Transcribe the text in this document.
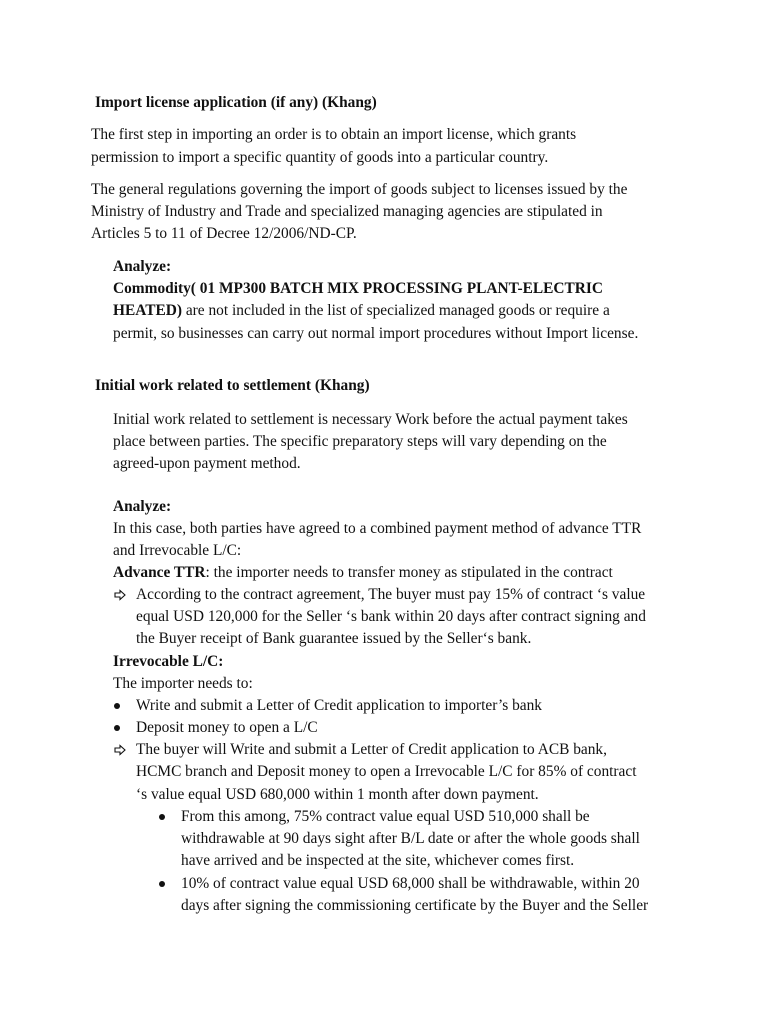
Import license application (if any) (Khang)

The first step in importing an order is to obtain an import license, which grants

permission to import a specific quantity of goods into a particular country.

The general regulations governing the import of goods subject to licenses issued by the

Ministry of Industry and Trade and specialized managing agencies are stipulated in

Articles 5 to 11 of Decree 12/2006/ND-CP.

Analyze:

Commodity( 01 MP300 BATCH MIX PROCESSING PLANT-ELECTRIC

HEATED) are not included in the list of specialized managed goods or require a

permit, so businesses can carry out normal import procedures without Import license.

Initial work related to settlement (Khang)

Initial work related to settlement is necessary Work before the actual payment takes

place between parties. The specific preparatory steps will vary depending on the

agreed-upon payment method.

Analyze:

In this case, both parties have agreed to a combined payment method of advance TTR

and Irrevocable L/C:

Advance TTR: the importer needs to transfer money as stipulated in the contract

According to the contract agreement, The buyer must pay 15% of contract ‘s value

equal USD 120,000 for the Seller ‘s bank within 20 days after contract signing and

the Buyer receipt of Bank guarantee issued by the Seller‘s bank.

Irrevocable L/C:

The importer needs to:

Write and submit a Letter of Credit application to importer’s bank

Deposit money to open a L/C

The buyer will Write and submit a Letter of Credit application to ACB bank,

HCMC branch and Deposit money to open a Irrevocable L/C for 85% of contract

‘s value equal USD 680,000 within 1 month after down payment.

From this among, 75% contract value equal USD 510,000 shall be

withdrawable at 90 days sight after B/L date or after the whole goods shall

have arrived and be inspected at the site, whichever comes first.

10% of contract value equal USD 68,000 shall be withdrawable, within 20

days after signing the commissioning certificate by the Buyer and the Seller
